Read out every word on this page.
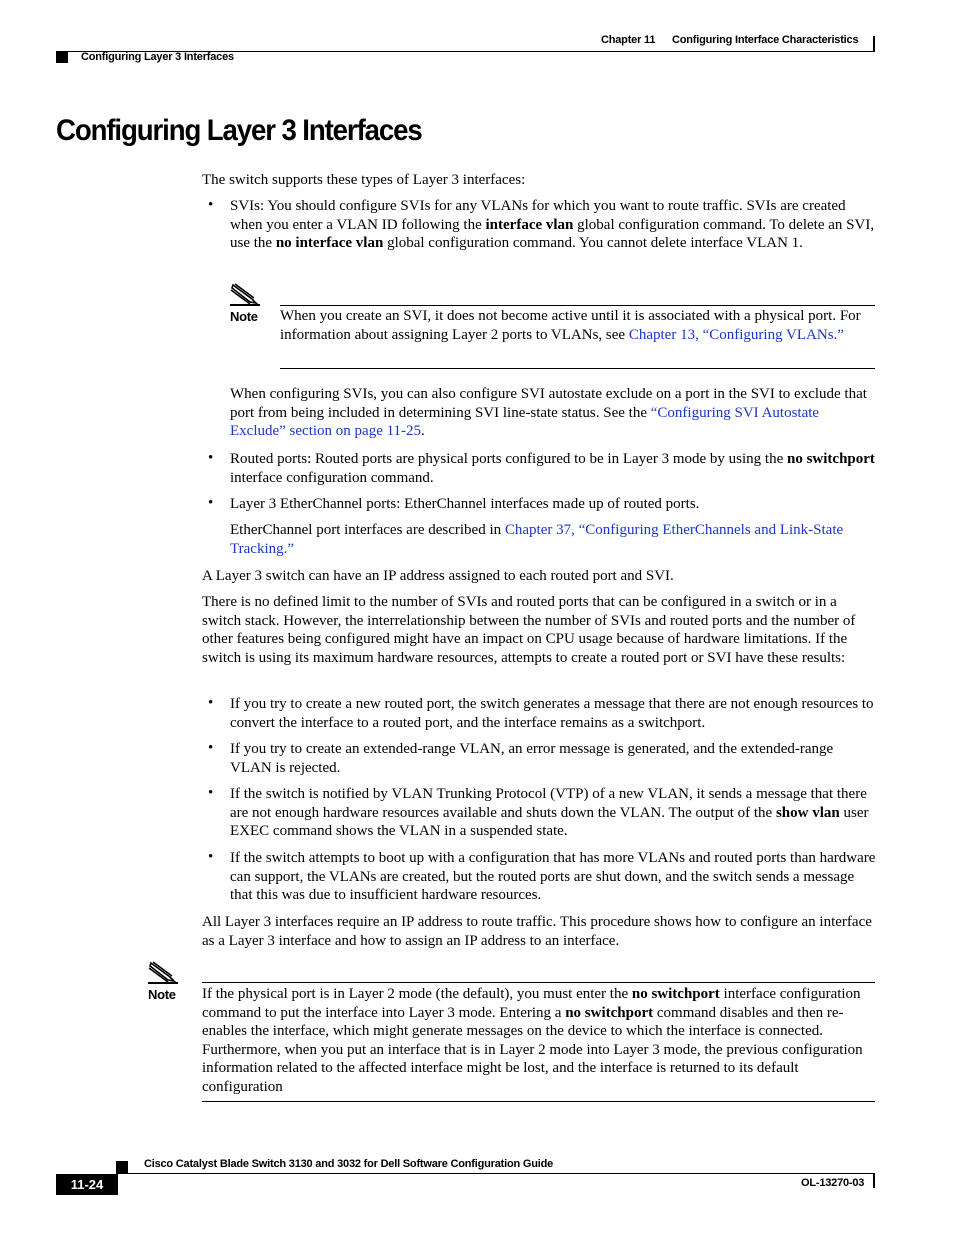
Chapter 11 Configuring Interface Characteristics
Configuring Layer 3 Interfaces
Configuring Layer 3 Interfaces
The switch supports these types of Layer 3 interfaces:
• SVIs: You should configure SVIs for any VLANs for which you want to route traffic. SVIs are created when you enter a VLAN ID following the interface vlan global configuration command. To delete an SVI, use the no interface vlan global configuration command. You cannot delete interface VLAN 1.
Note When you create an SVI, it does not become active until it is associated with a physical port. For information about assigning Layer 2 ports to VLANs, see Chapter 13, “Configuring VLANs.”
When configuring SVIs, you can also configure SVI autostate exclude on a port in the SVI to exclude that port from being included in determining SVI line-state status. See the “Configuring SVI Autostate Exclude” section on page 11-25.
• Routed ports: Routed ports are physical ports configured to be in Layer 3 mode by using the no switchport interface configuration command.
• Layer 3 EtherChannel ports: EtherChannel interfaces made up of routed ports.
EtherChannel port interfaces are described in Chapter 37, “Configuring EtherChannels and Link-State Tracking.”
A Layer 3 switch can have an IP address assigned to each routed port and SVI.
There is no defined limit to the number of SVIs and routed ports that can be configured in a switch or in a switch stack. However, the interrelationship between the number of SVIs and routed ports and the number of other features being configured might have an impact on CPU usage because of hardware limitations. If the switch is using its maximum hardware resources, attempts to create a routed port or SVI have these results:
• If you try to create a new routed port, the switch generates a message that there are not enough resources to convert the interface to a routed port, and the interface remains as a switchport.
• If you try to create an extended-range VLAN, an error message is generated, and the extended-range VLAN is rejected.
• If the switch is notified by VLAN Trunking Protocol (VTP) of a new VLAN, it sends a message that there are not enough hardware resources available and shuts down the VLAN. The output of the show vlan user EXEC command shows the VLAN in a suspended state.
• If the switch attempts to boot up with a configuration that has more VLANs and routed ports than hardware can support, the VLANs are created, but the routed ports are shut down, and the switch sends a message that this was due to insufficient hardware resources.
All Layer 3 interfaces require an IP address to route traffic. This procedure shows how to configure an interface as a Layer 3 interface and how to assign an IP address to an interface.
Note If the physical port is in Layer 2 mode (the default), you must enter the no switchport interface configuration command to put the interface into Layer 3 mode. Entering a no switchport command disables and then re-enables the interface, which might generate messages on the device to which the interface is connected. Furthermore, when you put an interface that is in Layer 2 mode into Layer 3 mode, the previous configuration information related to the affected interface might be lost, and the interface is returned to its default configuration
Cisco Catalyst Blade Switch 3130 and 3032 for Dell Software Configuration Guide
11-24	OL-13270-03
